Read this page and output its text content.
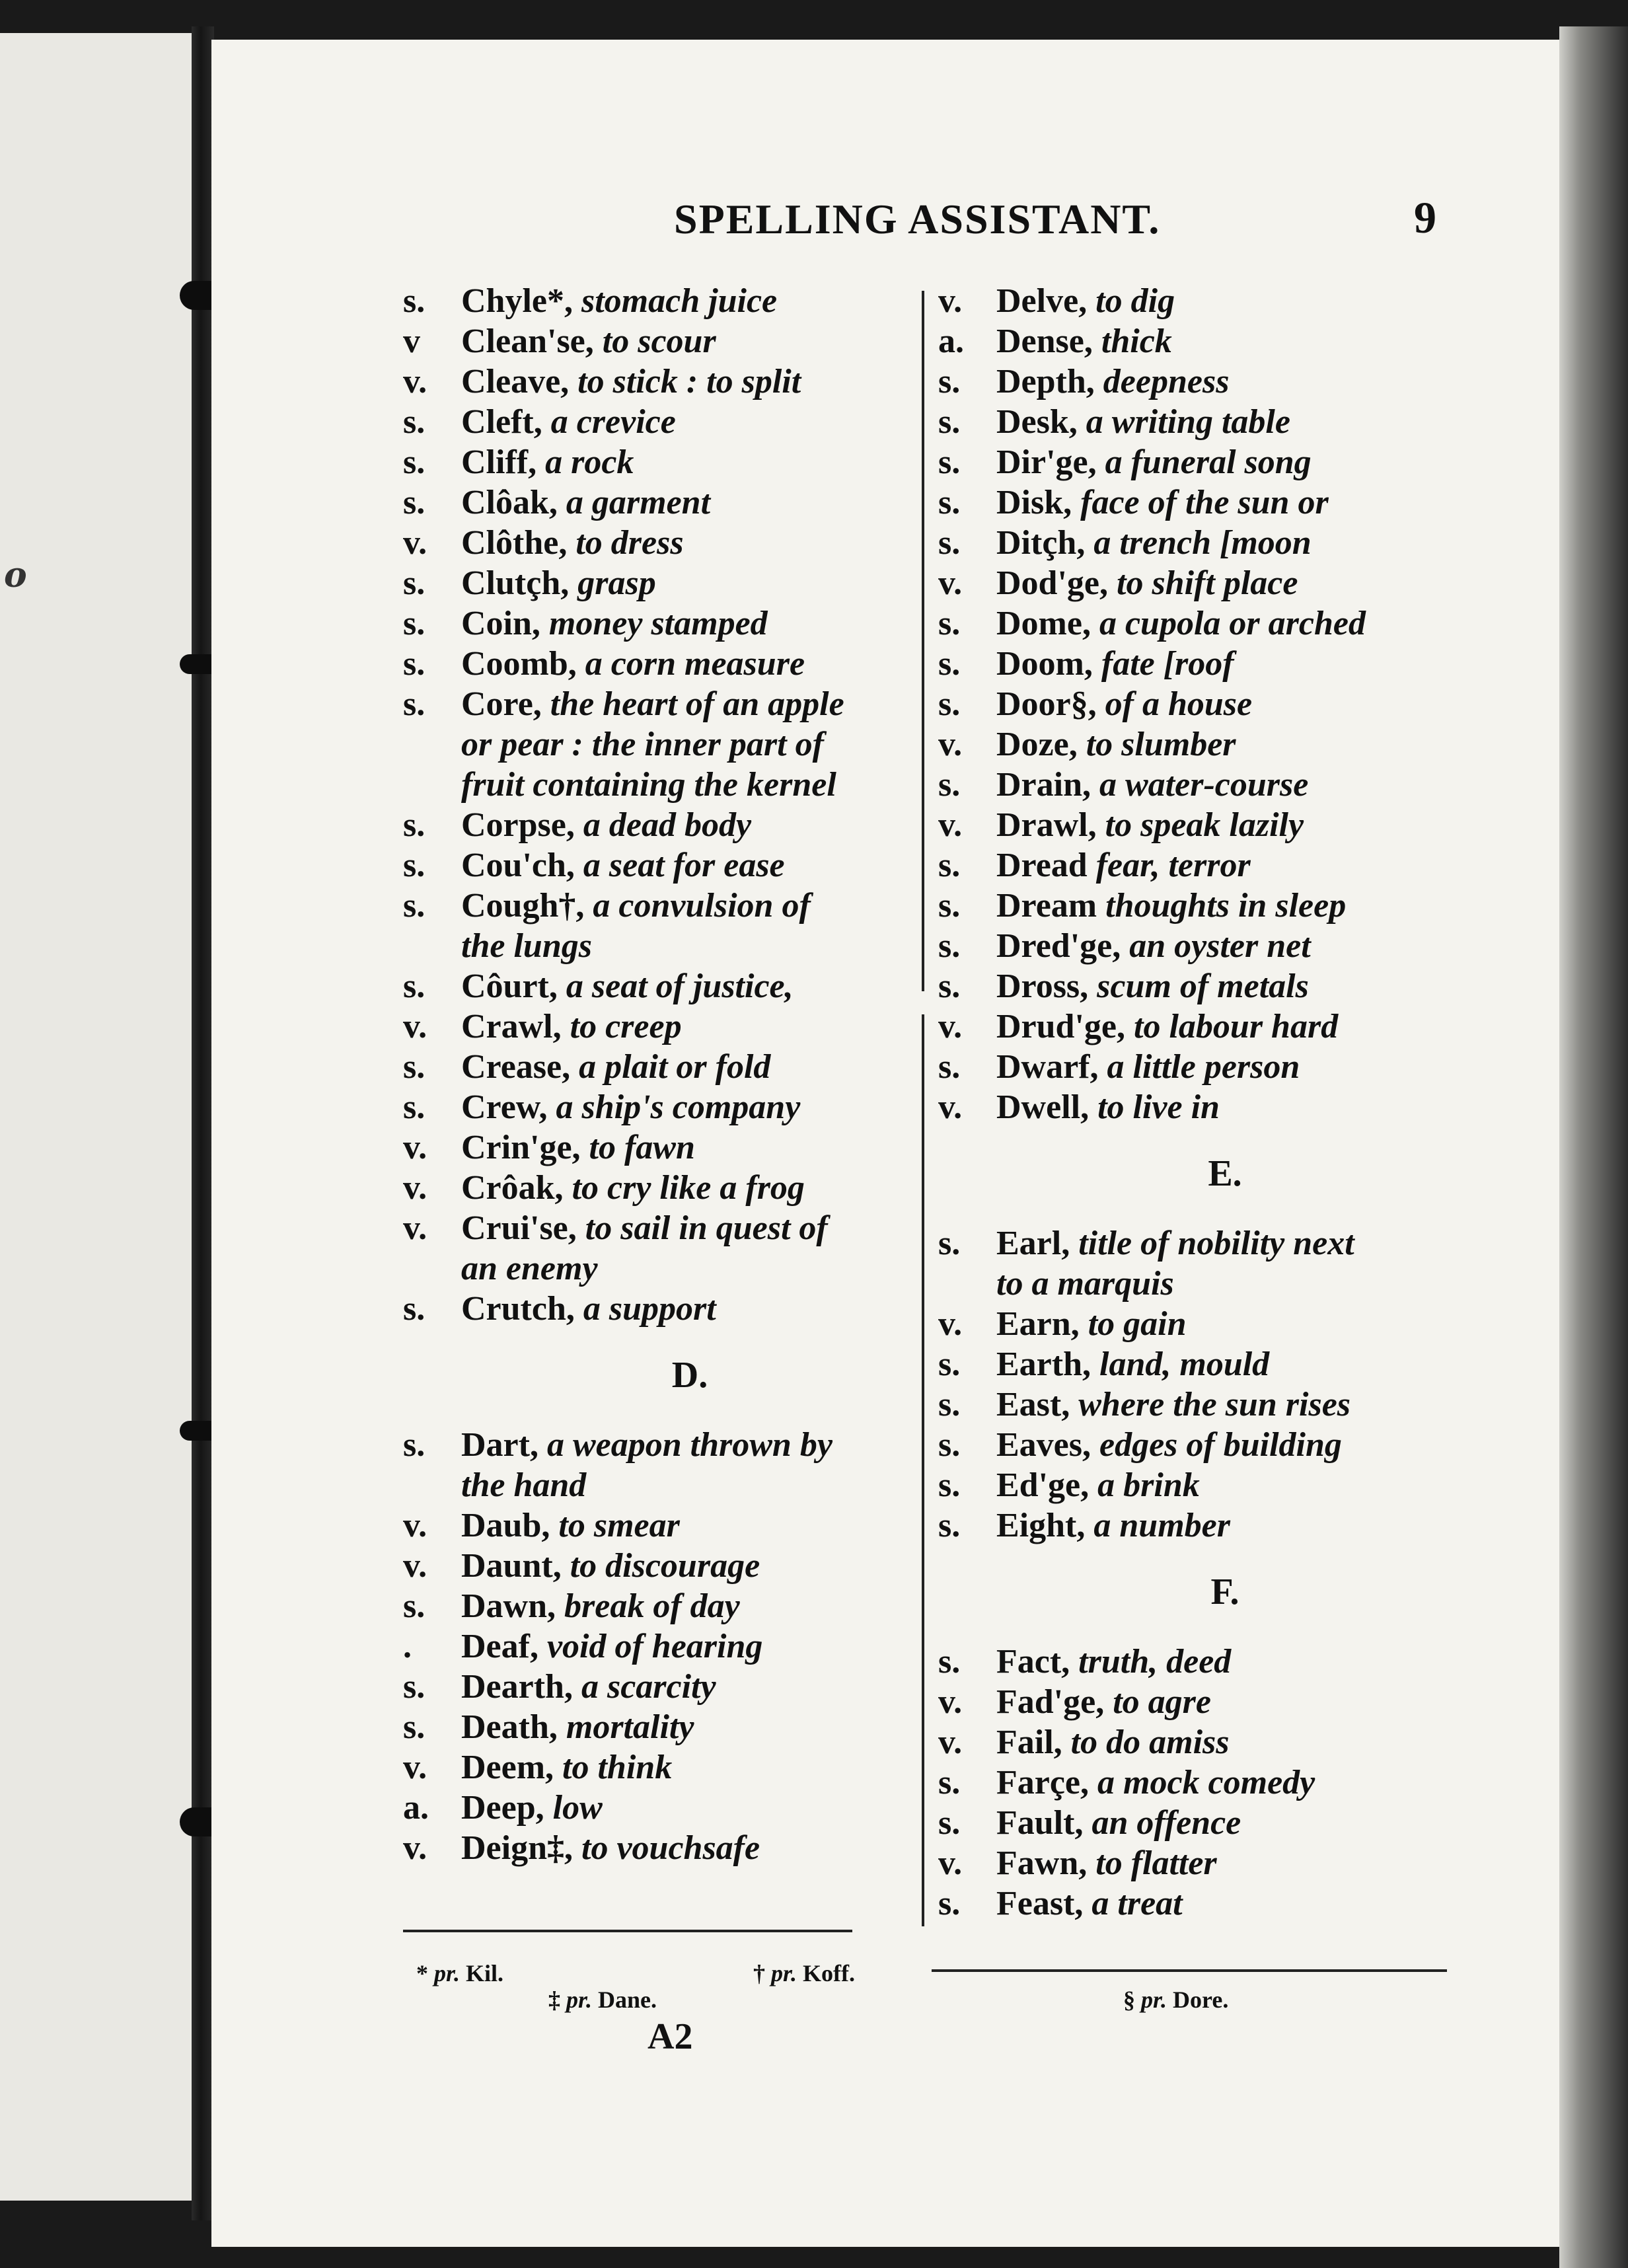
o
SPELLING ASSISTANT.	9
s.	Chyle*, stomach juice
v	Clean'se, to scour
v. Cleave, to stick : to split
s.	Cleft, a crevice
s.	Cliff, a rock
s.	Clôak, a garment
v. Clôthe, to dress
s.	Clutçh, grasp
s.	Coin, money stamped
s.	Coomb, a corn measure
s.	Core, the heart of an apple
or pear : the inner part of
fruit containing the kernel
s.	Corpse, a dead body
s.	Cou'ch, a seat for ease
s.	Cough†, a convulsion of
the lungs
s.	Côurt, a seat of justice,
v. Crawl, to creep
s.	Crease, a plait or fold
s.	Crew, a ship's company
v. Crin'ge, to fawn
v. Crôak, to cry like a frog
v. Crui'se, to sail in quest of
an enemy
s.	Crutch, a support
D.
s.	Dart, a weapon thrown by
the hand
v. Daub, to smear
v. Daunt, to discourage
s.	Dawn, break of day
.	Deaf, void of hearing
s.	Dearth, a scarcity
s.	Death, mortality
v. Deem, to think
a. Deep, low
v. Deign‡, to vouchsafe
v. Delve, to dig
a. Dense, thick
s.	Depth, deepness
s.	Desk, a writing table
s.	Dir'ge, a funeral song
s.	Disk, face of the sun or
s.	Ditçh, a trench [moon
v. Dod'ge, to shift place
s.	Dome, a cupola or arched
s.	Doom, fate [roof
s.	Door§, of a house
v. Doze, to slumber
s.	Drain, a water-course
v. Drawl, to speak lazily
s.	Dread fear, terror
s.	Dream thoughts in sleep
s.	Dred'ge, an oyster net
s.	Dross, scum of metals
v. Drud'ge, to labour hard
s.	Dwarf, a little person
v. Dwell, to live in
E.
s.	Earl, title of nobility next
to a marquis
v. Earn, to gain
s.	Earth, land, mould
s.	East, where the sun rises
s.	Eaves, edges of building
s.	Ed'ge, a brink
s.	Eight, a number
F.
s.	Fact, truth, deed
v. Fad'ge, to agre
v. Fail, to do amiss
s.	Farçe, a mock comedy
s.	Fault, an offence
v. Fawn, to flatter
s.	Feast, a treat
* pr. Kil.	† pr. Koff.
‡ pr. Dane.	§ pr. Dore.
A2
